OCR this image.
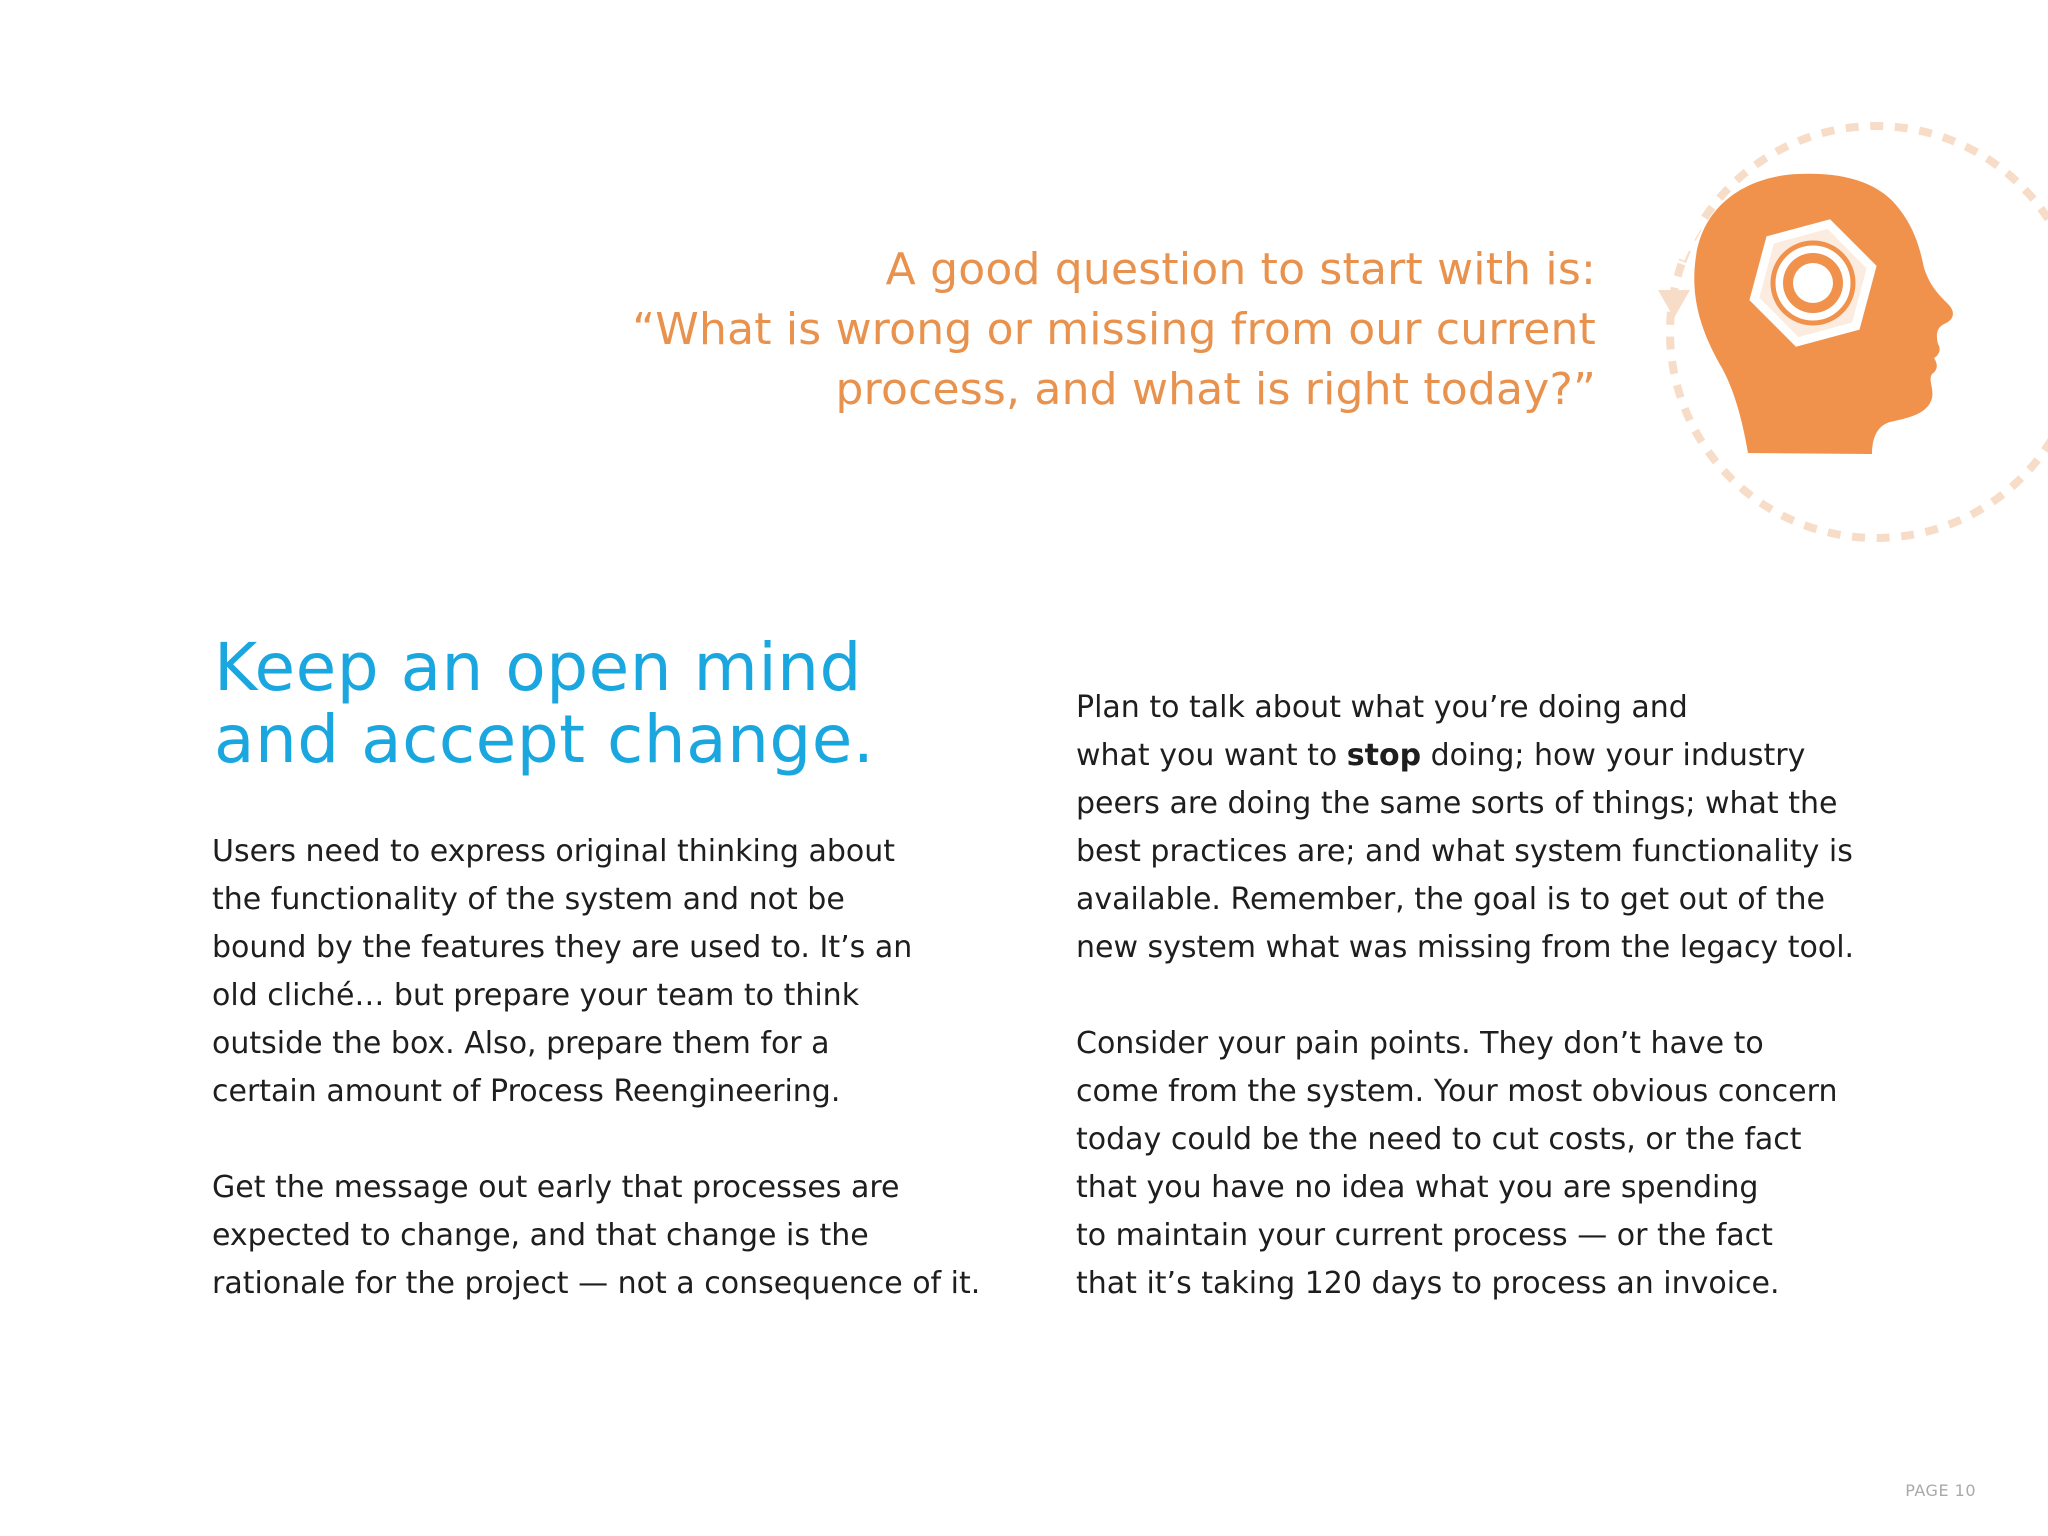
A good question to start with is:
“What is wrong or missing from our current
process, and what is right today?”
Keep an open mind
and accept change.

Users need to express original thinking about
the functionality of the system and not be
bound by the features they are used to. It’s an
old cliché… but prepare your team to think
outside the box. Also, prepare them for a
certain amount of Process Reengineering.

Get the message out early that processes are
expected to change, and that change is the
rationale for the project — not a consequence of it.

Plan to talk about what you’re doing and
what you want to stop doing; how your industry
peers are doing the same sorts of things; what the
best practices are; and what system functionality is
available. Remember, the goal is to get out of the
new system what was missing from the legacy tool.

Consider your pain points. They don’t have to
come from the system. Your most obvious concern
today could be the need to cut costs, or the fact
that you have no idea what you are spending
to maintain your current process — or the fact
that it’s taking 120 days to process an invoice.

PAGE 10
